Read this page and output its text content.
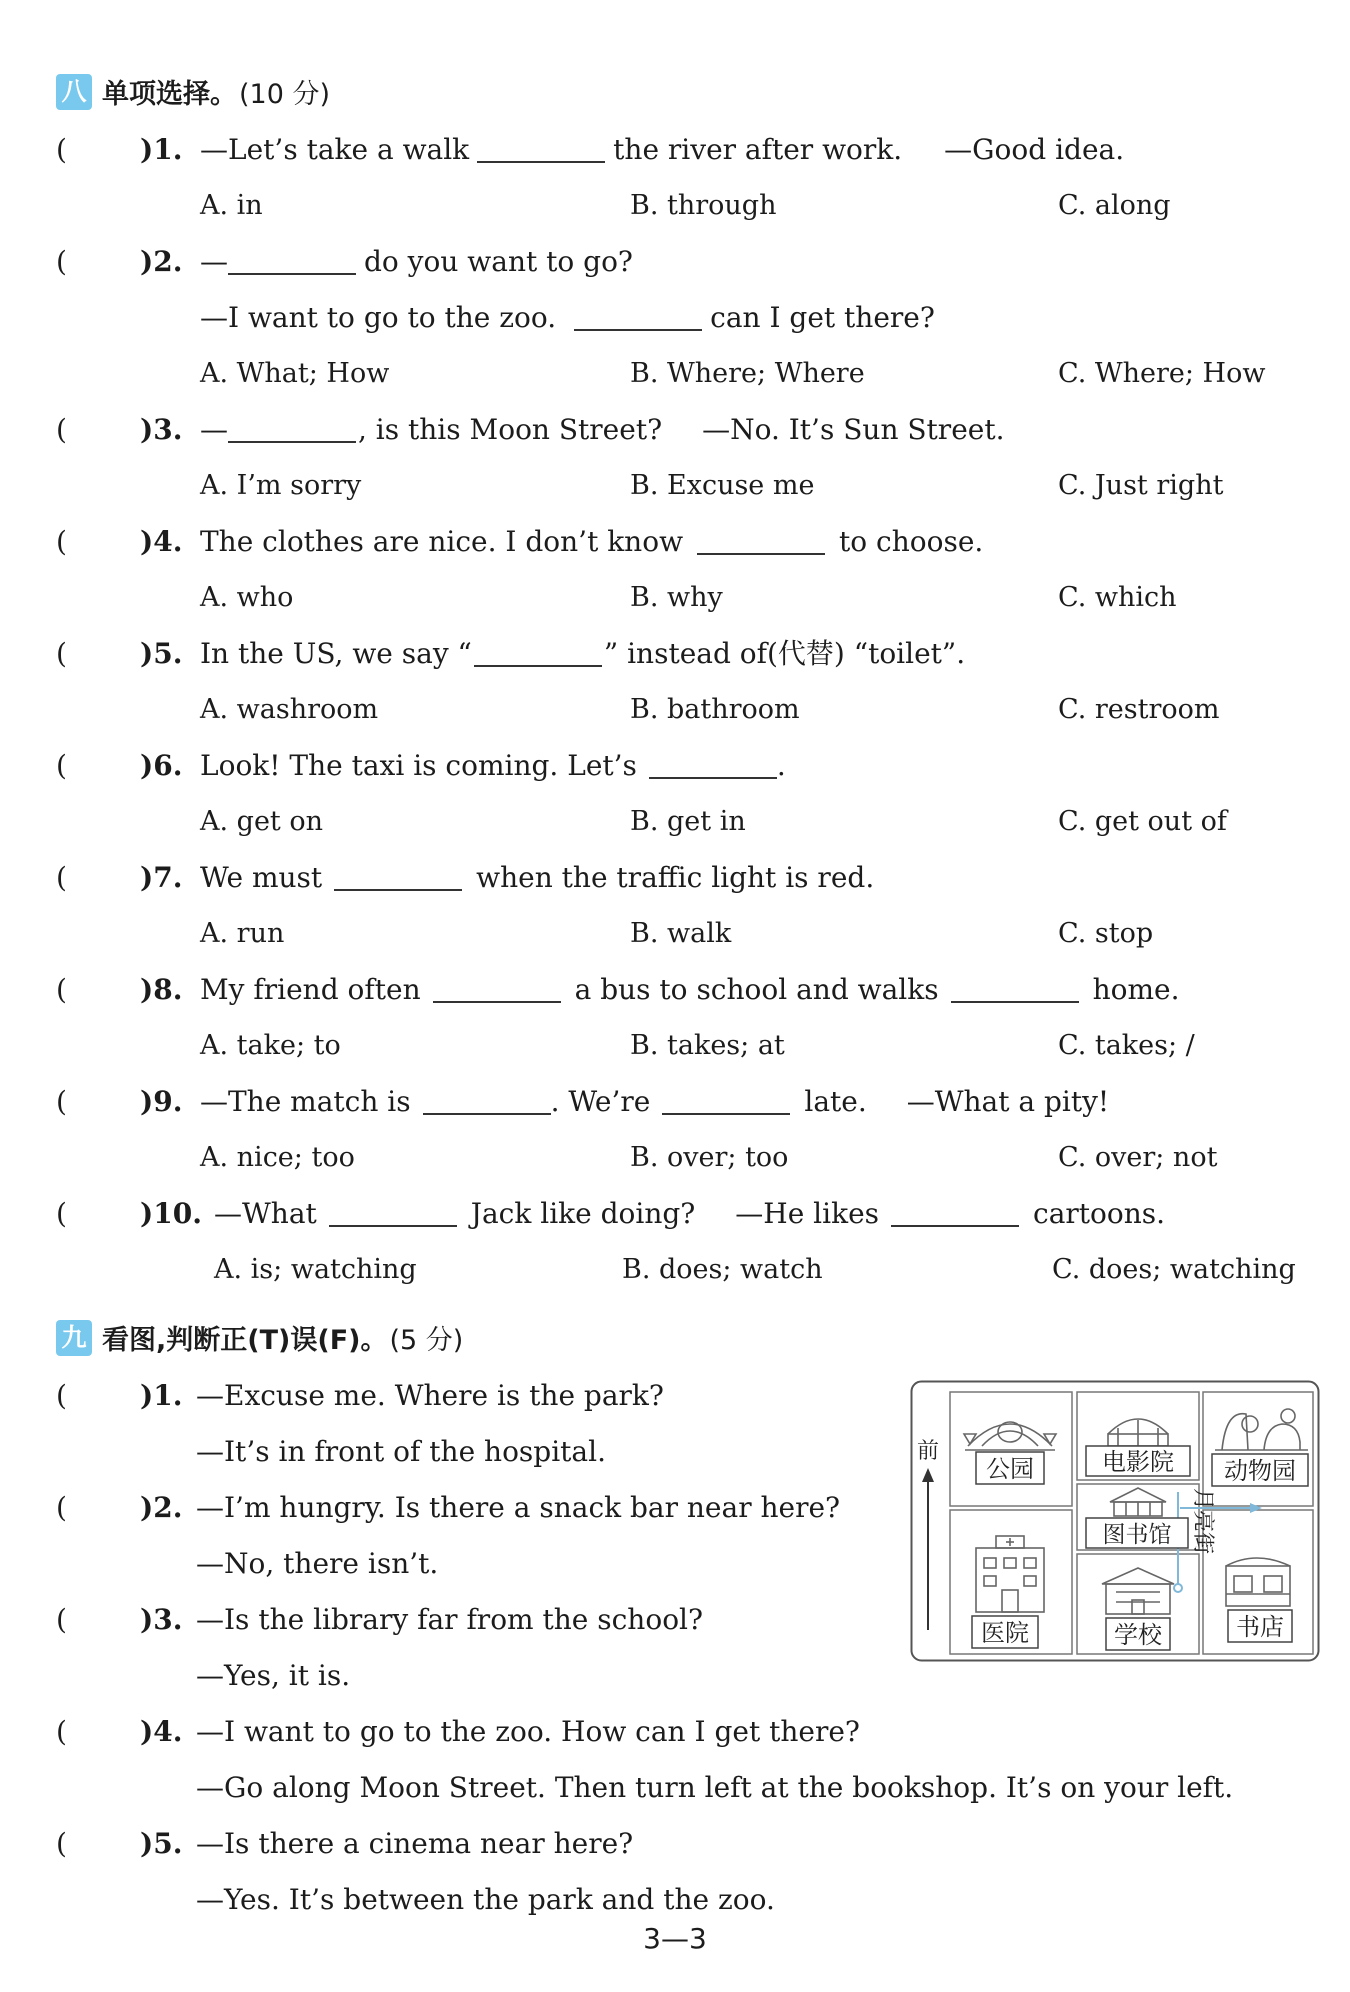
八 单项选择。 (10 分)
(	)1. —Let’s take a walk	the river after work. —Good idea.
A. in	B. through	C. along
(	)2. —	do you want to go?
—I want to go to the zoo.	can I get there?
A. What; How	B. Where; Where	C. Where; How
(	)3. —	, is this Moon Street? —No. It’s Sun Street.
A. I’m sorry	B. Excuse me	C. Just right
(	)4. The clothes are nice. I don’t know	to choose.
A. who	B. why	C. which
(	)5. In the US, we say “	” instead of(代替) “toilet”.
A. washroom	B. bathroom	C. restroom
(	)6. Look! The taxi is coming. Let’s	.
A. get on	B. get in	C. get out of
(	)7. We must	when the traffic light is red.
A. run	B. walk	C. stop
(	)8. My friend often	a bus to school and walks	home.
A. take; to	B. takes; at	C. takes; /
(	)9. —The match is	. We’re	late. —What a pity!
A. nice; too	B. over; too	C. over; not
(	)10. —What	Jack like doing? —He likes	cartoons.
A. is; watching	B. does; watch	C. does; watching
九 看图,判断正(T)误(F)。 (5 分)
(	)1. —Excuse me. Where is the park?
—It’s in front of the hospital.
(	)2. —I’m hungry. Is there a snack bar near here?
—No, there isn’t.
(	)3. —Is the library far from the school?
—Yes, it is.
(	)4. —I want to go to the zoo. How can I get there?
—Go along Moon Street. Then turn left at the bookshop. It’s on your left.
(	)5. —Is there a cinema near here?
—Yes. It’s between the park and the zoo.
前
公园	电影院 动物园
图书馆 月亮街
医院	学校	书店
3—3
